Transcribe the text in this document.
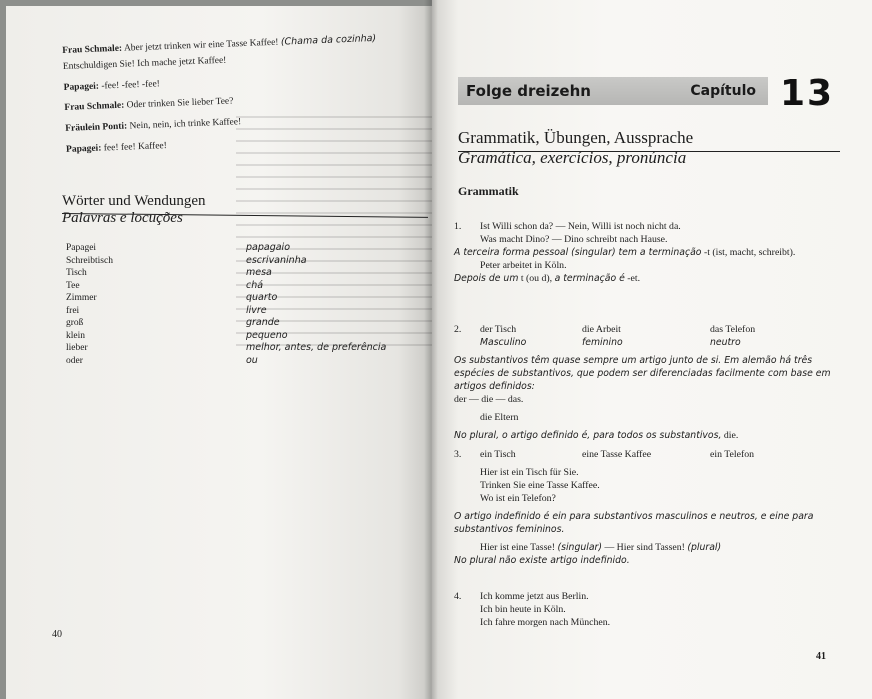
Frau Schmale: Aber jetzt trinken wir eine Tasse Kaffee! (Chama da cozinha)
Entschuldigen Sie! Ich mache jetzt Kaffee!
Papagei: -fee! -fee! -fee!
Frau Schmale: Oder trinken Sie lieber Tee?
Fräulein Ponti: Nein, nein, ich trinke Kaffee!
Papagei: fee! fee! Kaffee!
Wörter und Wendungen
Palavras e locuções
Papagei	papagaio
Schreibtisch	escrivaninha
Tisch	mesa
Tee	chá
Zimmer	quarto
frei	livre
groß	grande
klein	pequeno
lieber	melhor, antes, de preferência
oder	ou
40
Folge dreizehn	Capítulo 13
Grammatik, Übungen, Aussprache
Gramática, exercícios, pronúncia
Grammatik
1.	Ist Willi schon da? — Nein, Willi ist noch nicht da.
Was macht Dino? — Dino schreibt nach Hause.
A terceira forma pessoal (singular) tem a terminação -t (ist, macht, schreibt).
Peter arbeitet in Köln.
Depois de um t (ou d), a terminação é -et.
2. der Tisch	die Arbeit	das Telefon
Masculino	feminino	neutro
Os substantivos têm quase sempre um artigo junto de si. Em alemão há três espécies de substantivos, que podem ser diferenciadas facilmente com base em artigos definidos:
der — die — das.
die Eltern
No plural, o artigo definido é, para todos os substantivos, die.
3. ein Tisch	eine Tasse Kaffee	ein Telefon
Hier ist ein Tisch für Sie.
Trinken Sie eine Tasse Kaffee.
Wo ist ein Telefon?
O artigo indefinido é ein para substantivos masculinos e neutros, e eine para substantivos femininos.
Hier ist eine Tasse! (singular) — Hier sind Tassen! (plural)
No plural não existe artigo indefinido.
4.	Ich komme jetzt aus Berlin.
Ich bin heute in Köln.
Ich fahre morgen nach München.
41
